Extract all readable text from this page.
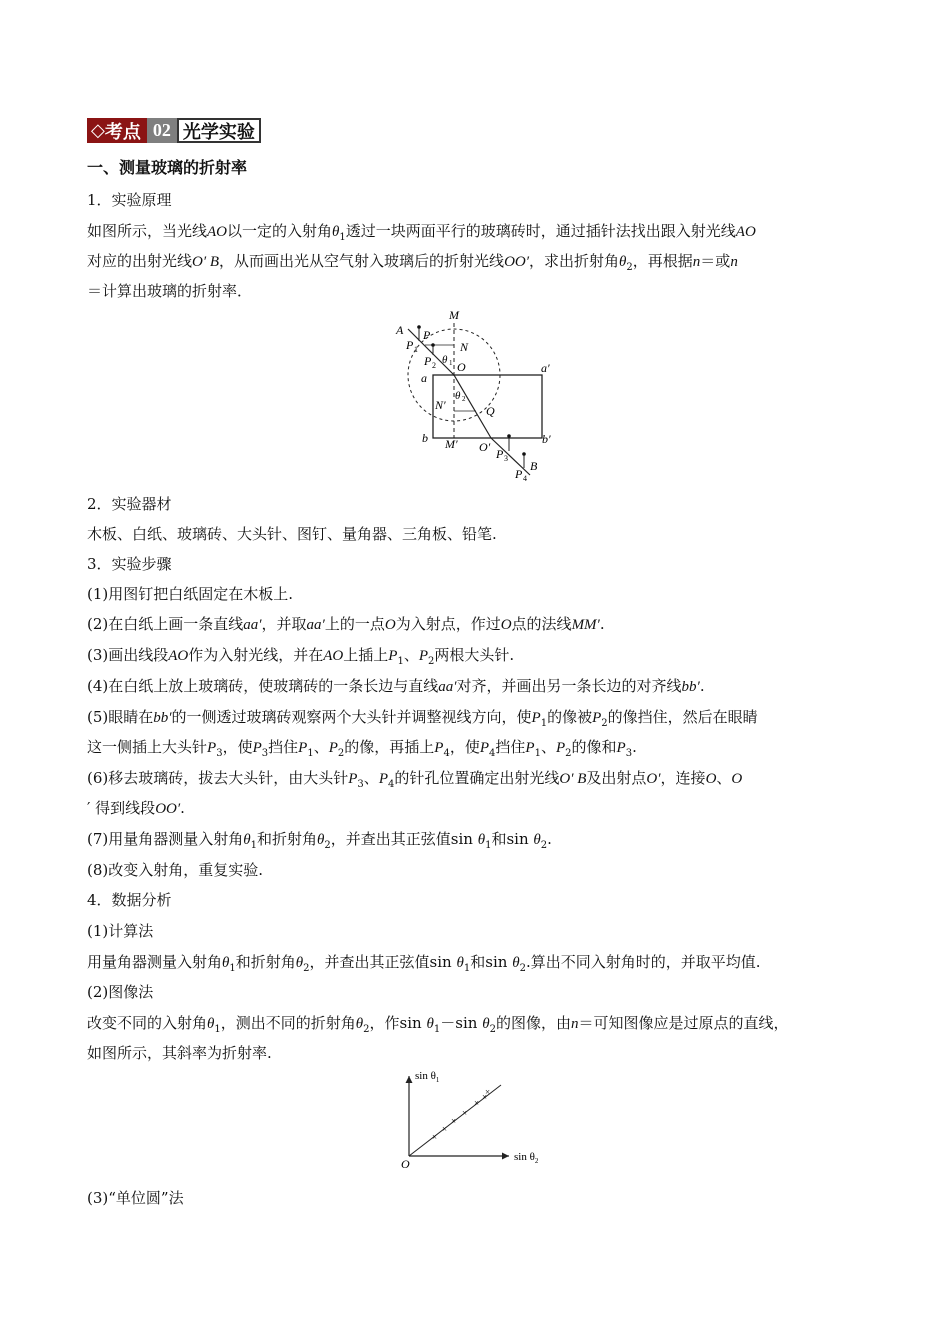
◇ 考点 02 光学实验
一、测量玻璃的折射率
1．实验原理
如图所示，当光线AO以一定的入射角$\theta_1$透过一块两面平行的玻璃砖时，通过插针法找出跟入射光线AO
对应的出射光线O′ B，从而画出光从空气射入玻璃后的折射光线OO′，求出折射角$\theta_2$，再根据n＝或n
＝计算出玻璃的折射率．
A P
P 1
P 2
M
N
θ 1 O
a
a′
θ 2
N′	Q
b M′ O′
b′
P 3
B
P 4
2．实验器材
木板、白纸、玻璃砖、大头针、图钉、量角器、三角板、铅笔.
3．实验步骤
(1)用图钉把白纸固定在木板上.
(2)在白纸上画一条直线aa′，并取aa′上的一点O为入射点，作过O点的法线MM′.
(3)画出线段AO作为入射光线，并在AO上插上$P_1$、$P_2$两根大头针.
(4)在白纸上放上玻璃砖，使玻璃砖的一条长边与直线aa′对齐，并画出另一条长边的对齐线bb′.
(5)眼睛在bb′的一侧透过玻璃砖观察两个大头针并调整视线方向，使$P_1$的像被$P_2$的像挡住，然后在眼睛
这一侧插上大头针$P_3$，使$P_3$挡住$P_1$、$P_2$的像，再插上$P_4$，使$P_4$挡住$P_1$、$P_2$的像和$P_3$.
(6)移去玻璃砖，拔去大头针，由大头针$P_3$、$P_4$的针孔位置确定出射光线O′ B及出射点O′，连接O、O
′ 得到线段OO′.
(7)用量角器测量入射角$\theta_1$和折射角$\theta_2$，并查出其正弦值$\sin \theta_1$和$\sin \theta_2$.
(8)改变入射角，重复实验.
4．数据分析
(1)计算法
用量角器测量入射角$\theta_1$和折射角$\theta_2$，并查出其正弦值$\sin \theta_1$和$\sin \theta_2$.算出不同入射角时的，并取平均值.
(2)图像法
改变不同的入射角$\theta_1$，测出不同的折射角$\theta_2$，作$\sin \theta_1-\sin$ $\theta_2$的图像，由n＝可知图像应是过原点的直线，
如图所示，其斜率为折射率.
×
×
×
×
×
×
×
$\sin \theta_1$
$\sin \theta_2$
O
(3)“单位圆”法
